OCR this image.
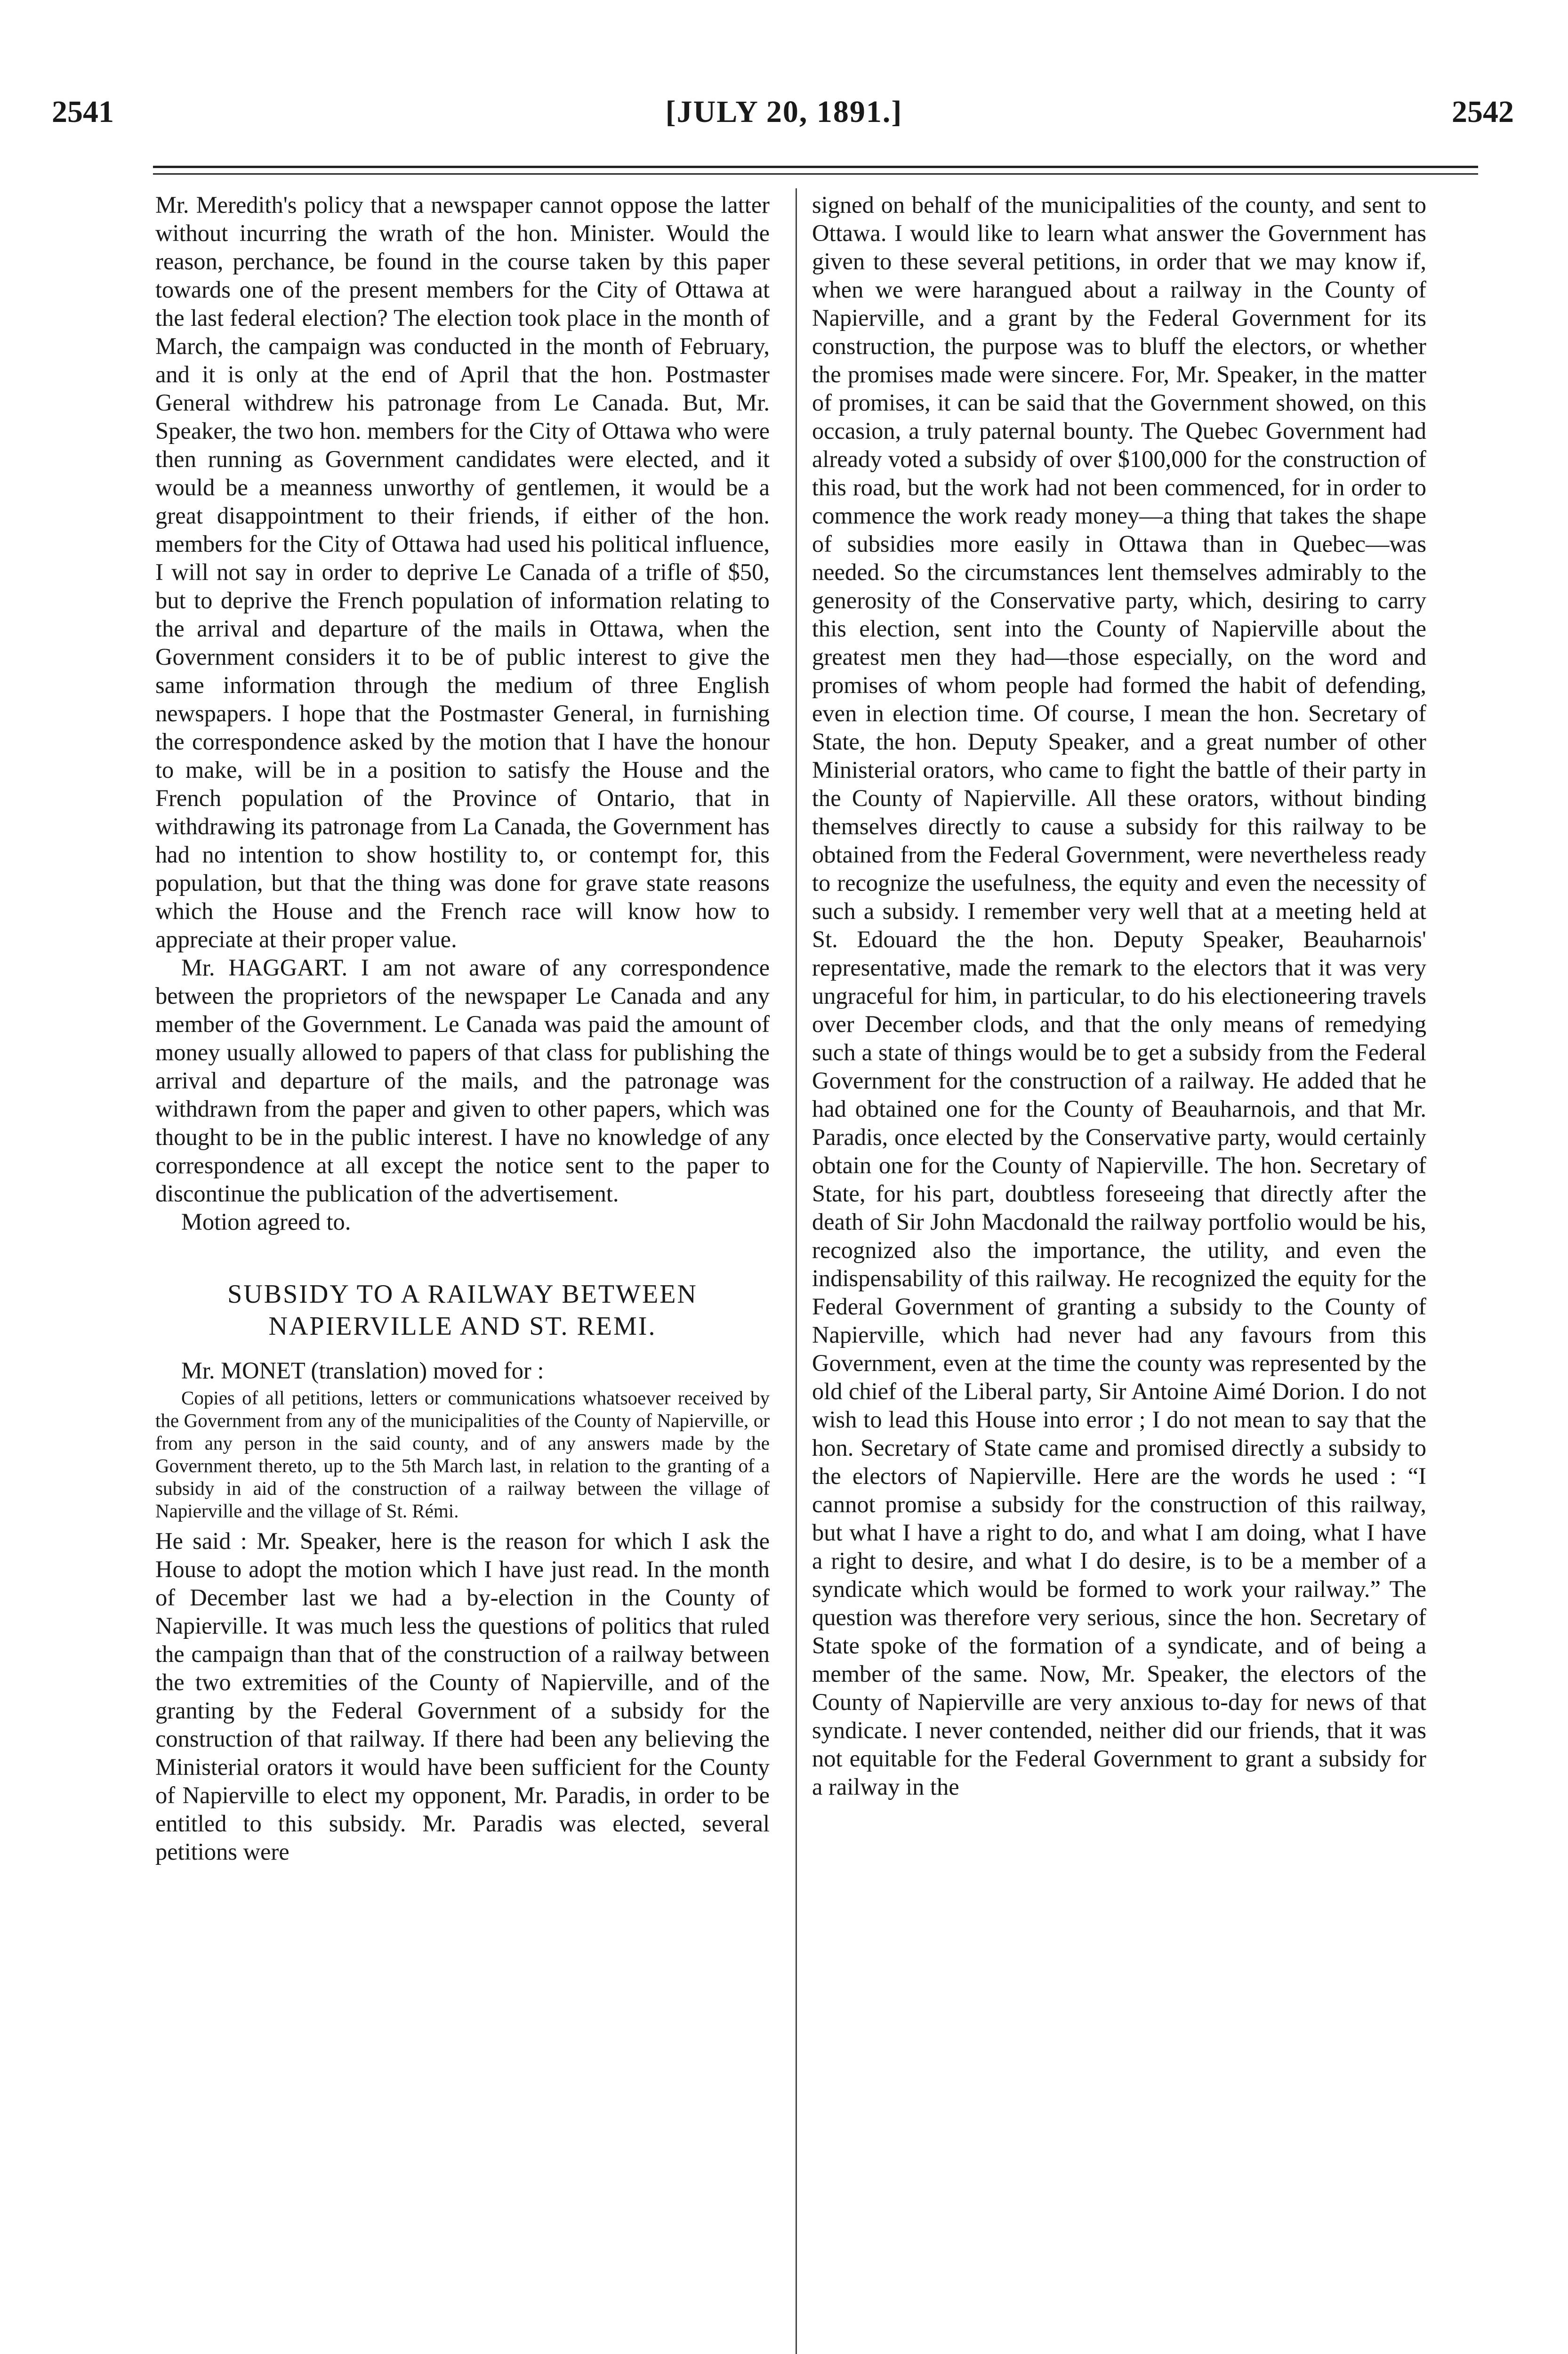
2541	[JULY 20, 1891.]	2542

Mr. Meredith's policy that a newspaper cannot oppose the latter without incurring the wrath of the hon. Minister. Would the reason, perchance, be found in the course taken by this paper towards one of the present members for the City of Ottawa at the last federal election? The election took place in the month of March, the campaign was conducted in the month of February, and it is only at the end of April that the hon. Postmaster General withdrew his patronage from Le Canada. But, Mr. Speaker, the two hon. members for the City of Ottawa who were then running as Government candidates were elected, and it would be a meanness unworthy of gentlemen, it would be a great disappointment to their friends, if either of the hon. members for the City of Ottawa had used his political influence, I will not say in order to deprive Le Canada of a trifle of $50, but to deprive the French population of information relating to the arrival and departure of the mails in Ottawa, when the Government considers it to be of public interest to give the same information through the medium of three English newspapers. I hope that the Postmaster General, in furnishing the correspondence asked by the motion that I have the honour to make, will be in a position to satisfy the House and the French population of the Province of Ontario, that in withdrawing its patronage from La Canada, the Government has had no intention to show hostility to, or contempt for, this population, but that the thing was done for grave state reasons which the House and the French race will know how to appreciate at their proper value.

Mr. HAGGART. I am not aware of any correspondence between the proprietors of the newspaper Le Canada and any member of the Government. Le Canada was paid the amount of money usually allowed to papers of that class for publishing the arrival and departure of the mails, and the patronage was withdrawn from the paper and given to other papers, which was thought to be in the public interest. I have no knowledge of any correspondence at all except the notice sent to the paper to discontinue the publication of the advertisement.

Motion agreed to.

SUBSIDY TO A RAILWAY BETWEEN NAPIERVILLE AND ST. REMI.

Mr. MONET (translation) moved for :

Copies of all petitions, letters or communications whatsoever received by the Government from any of the municipalities of the County of Napierville, or from any person in the said county, and of any answers made by the Government thereto, up to the 5th March last, in relation to the granting of a subsidy in aid of the construction of a railway between the village of Napierville and the village of St. Rémi.

He said : Mr. Speaker, here is the reason for which I ask the House to adopt the motion which I have just read. In the month of December last we had a by-election in the County of Napierville. It was much less the questions of politics that ruled the campaign than that of the construction of a railway between the two extremities of the County of Napierville, and of the granting by the Federal Government of a subsidy for the construction of that railway. If there had been any believing the Ministerial orators it would have been sufficient for the County of Napierville to elect my opponent, Mr. Paradis, in order to be entitled to this subsidy. Mr. Paradis was elected, several petitions were

signed on behalf of the municipalities of the county, and sent to Ottawa. I would like to learn what answer the Government has given to these several petitions, in order that we may know if, when we were harangued about a railway in the County of Napierville, and a grant by the Federal Government for its construction, the purpose was to bluff the electors, or whether the promises made were sincere. For, Mr. Speaker, in the matter of promises, it can be said that the Government showed, on this occasion, a truly paternal bounty. The Quebec Government had already voted a subsidy of over $100,000 for the construction of this road, but the work had not been commenced, for in order to commence the work ready money—a thing that takes the shape of subsidies more easily in Ottawa than in Quebec—was needed. So the circumstances lent themselves admirably to the generosity of the Conservative party, which, desiring to carry this election, sent into the County of Napierville about the greatest men they had—those especially, on the word and promises of whom people had formed the habit of defending, even in election time. Of course, I mean the hon. Secretary of State, the hon. Deputy Speaker, and a great number of other Ministerial orators, who came to fight the battle of their party in the County of Napierville. All these orators, without binding themselves directly to cause a subsidy for this railway to be obtained from the Federal Government, were nevertheless ready to recognize the usefulness, the equity and even the necessity of such a subsidy. I remember very well that at a meeting held at St. Edouard the the hon. Deputy Speaker, Beauharnois' representative, made the remark to the electors that it was very ungraceful for him, in particular, to do his electioneering travels over December clods, and that the only means of remedying such a state of things would be to get a subsidy from the Federal Government for the construction of a railway. He added that he had obtained one for the County of Beauharnois, and that Mr. Paradis, once elected by the Conservative party, would certainly obtain one for the County of Napierville. The hon. Secretary of State, for his part, doubtless foreseeing that directly after the death of Sir John Macdonald the railway portfolio would be his, recognized also the importance, the utility, and even the indispensability of this railway. He recognized the equity for the Federal Government of granting a subsidy to the County of Napierville, which had never had any favours from this Government, even at the time the county was represented by the old chief of the Liberal party, Sir Antoine Aimé Dorion. I do not wish to lead this House into error ; I do not mean to say that the hon. Secretary of State came and promised directly a subsidy to the electors of Napierville. Here are the words he used : “I cannot promise a subsidy for the construction of this railway, but what I have a right to do, and what I am doing, what I have a right to desire, and what I do desire, is to be a member of a syndicate which would be formed to work your railway.” The question was therefore very serious, since the hon. Secretary of State spoke of the formation of a syndicate, and of being a member of the same. Now, Mr. Speaker, the electors of the County of Napierville are very anxious to-day for news of that syndicate. I never contended, neither did our friends, that it was not equitable for the Federal Government to grant a subsidy for a railway in the
